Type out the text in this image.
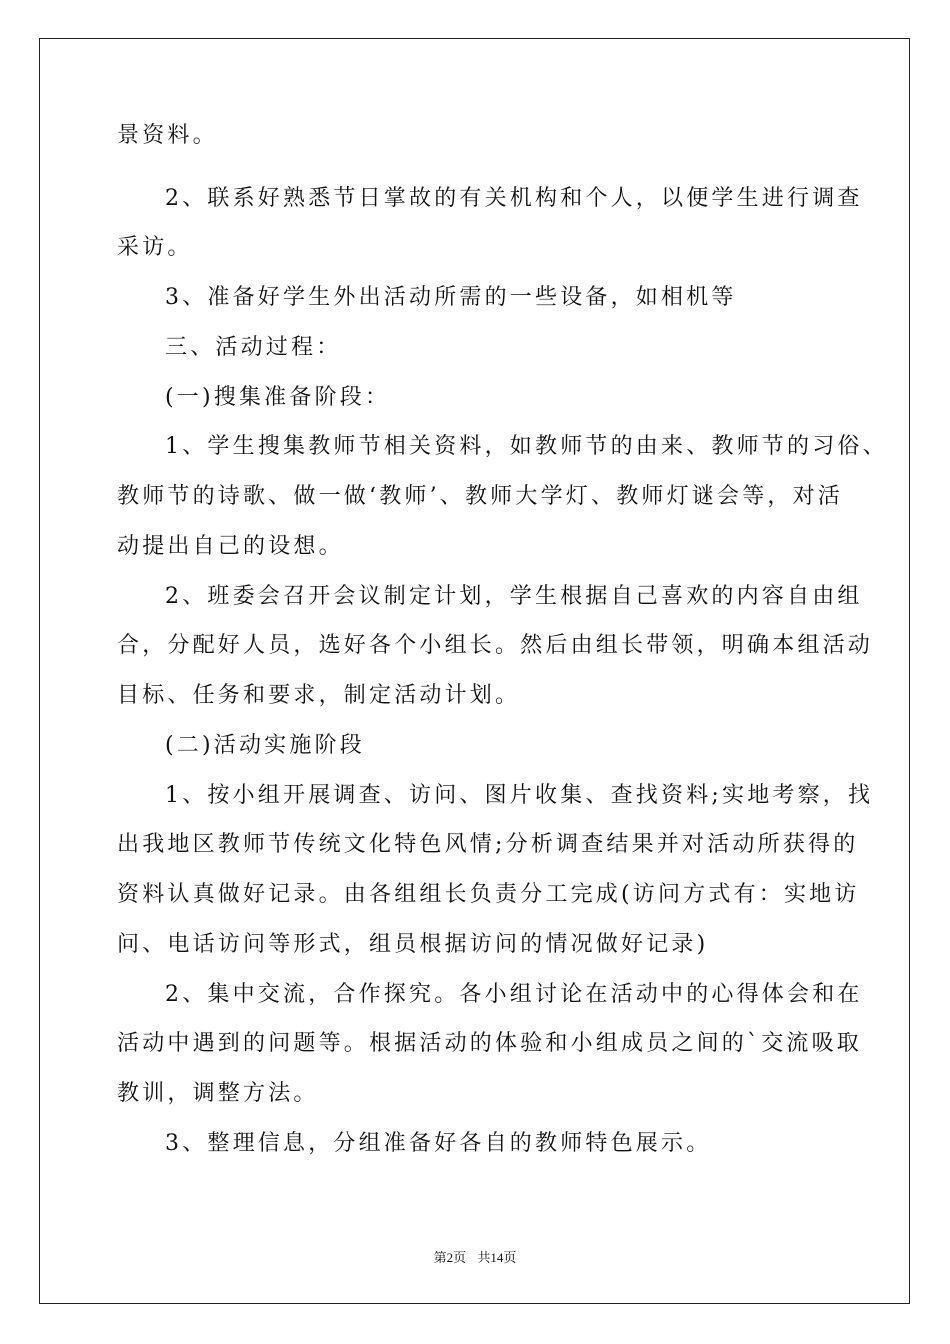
景资料。
2、联系好熟悉节日掌故的有关机构和个人，以便学生进行调查
采访。
3、准备好学生外出活动所需的一些设备，如相机等
三、活动过程：
(一)搜集准备阶段：
1、学生搜集教师节相关资料，如教师节的由来、教师节的习俗、
教师节的诗歌、做一做‘教师’、教师大学灯、教师灯谜会等，对活
动提出自己的设想。
2、班委会召开会议制定计划，学生根据自己喜欢的内容自由组
合，分配好人员，选好各个小组长。然后由组长带领，明确本组活动
目标、任务和要求，制定活动计划。
(二)活动实施阶段
1、按小组开展调查、访问、图片收集、查找资料;实地考察，找
出我地区教师节传统文化特色风情;分析调查结果并对活动所获得的
资料认真做好记录。由各组组长负责分工完成(访问方式有：实地访
问、电话访问等形式，组员根据访问的情况做好记录)
2、集中交流，合作探究。各小组讨论在活动中的心得体会和在
活动中遇到的问题等。根据活动的体验和小组成员之间的`交流吸取
教训，调整方法。
3、整理信息，分组准备好各自的教师特色展示。
第2页 共14页
